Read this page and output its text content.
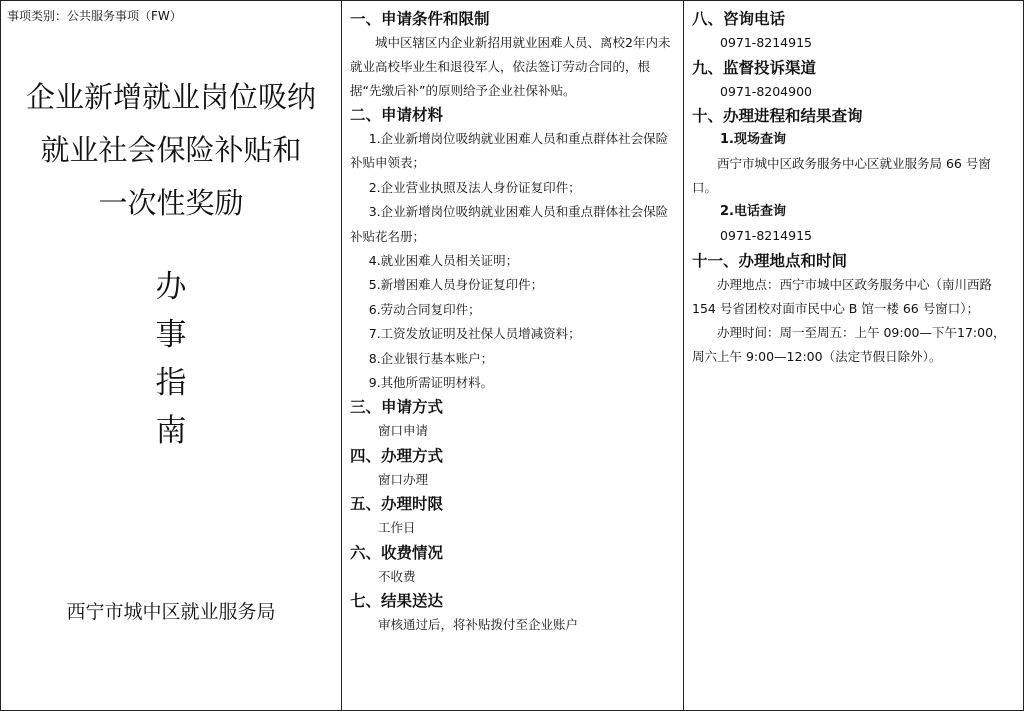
事项类别：公共服务事项（FW）
企业新增就业岗位吸纳
就业社会保险补贴和
一次性奖励
办
事
指
南
西宁市城中区就业服务局
一、申请条件和限制

城中区辖区内企业新招用就业困难人员、离校2年内未就业高校毕业生和退役军人，依法签订劳动合同的，根据“先缴后补”的原则给予企业社保补贴。

二、申请材料

1.企业新增岗位吸纳就业困难人员和重点群体社会保险补贴申领表；

2.企业营业执照及法人身份证复印件；

3.企业新增岗位吸纳就业困难人员和重点群体社会保险补贴花名册；

4.就业困难人员相关证明；

5.新增困难人员身份证复印件；

6.劳动合同复印件；

7.工资发放证明及社保人员增减资料；

8.企业银行基本账户；

9.其他所需证明材料。

三、申请方式
窗口申请
四、办理方式
窗口办理
五、办理时限
工作日
六、收费情况
不收费
七、结果送达
审核通过后，将补贴拨付至企业账户
八、咨询电话
0971-8214915
九、监督投诉渠道
0971-8204900
十、办理进程和结果查询
1.现场查询

西宁市城中区政务服务中心区就业服务局 66 号窗口。

2.电话查询
0971-8214915
十一、办理地点和时间

办理地点：西宁市城中区政务服务中心（南川西路 154 号省团校对面市民中心 B 馆一楼 66 号窗口）；

办理时间：周一至周五：上午 09:00—下午17:00，周六上午 9:00—12:00（法定节假日除外）。
